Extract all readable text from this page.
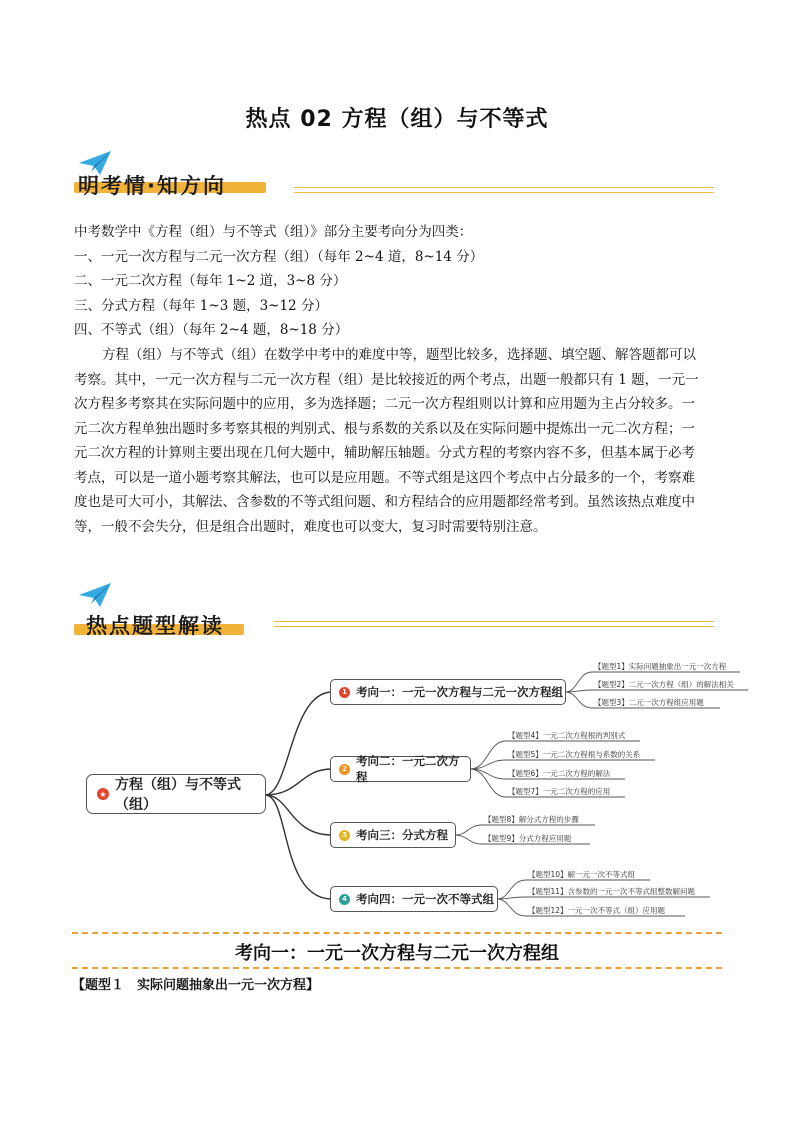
热点 02 方程（组）与不等式
明考情·知方向

中考数学中《方程（组）与不等式（组）》部分主要考向分为四类：

一、一元一次方程与二元一次方程（组）（每年 2~4 道，8~14 分）

二、一元二次方程（每年 1~2 道，3~8 分）

三、分式方程（每年 1~3 题，3~12 分）

四、不等式（组）（每年 2~4 题，8~18 分）

方程（组）与不等式（组）在数学中考中的难度中等，题型比较多，选择题、填空题、解答题都可以

考察。其中，一元一次方程与二元一次方程（组）是比较接近的两个考点，出题一般都只有 1 题，一元一

次方程多考察其在实际问题中的应用，多为选择题；二元一次方程组则以计算和应用题为主占分较多。一

元二次方程单独出题时多考察其根的判别式、根与系数的关系以及在实际问题中提炼出一元二次方程；一

元二次方程的计算则主要出现在几何大题中，辅助解压轴题。分式方程的考察内容不多，但基本属于必考

考点，可以是一道小题考察其解法，也可以是应用题。不等式组是这四个考点中占分最多的一个，考察难

度也是可大可小，其解法、含参数的不等式组问题、和方程结合的应用题都经常考到。虽然该热点难度中

等，一般不会失分，但是组合出题时，难度也可以变大，复习时需要特别注意。

热点题型解读
★
方程（组）与不等式（组）
1 考向一：一元一次方程与二元一次方程组
【题型1】实际问题抽象出一元一次方程
【题型2】二元一次方程（组）的解法相关
【题型3】二元一次方程组应用题
2
考向二：一元二次方程
【题型4】一元二次方程根的判别式
【题型5】一元二次方程根与系数的关系
【题型6】一元二次方程的解法
【题型7】一元二次方程的应用
3 考向三：分式方程
【题型8】解分式方程的步骤
【题型9】分式方程应用题
4 考向四：一元一次不等式组
【题型10】解一元一次不等式组
【题型11】含参数的一元一次不等式组整数解问题
【题型12】一元一次不等式（组）应用题
考向一：一元一次方程与二元一次方程组
【题型１　实际问题抽象出一元一次方程】
